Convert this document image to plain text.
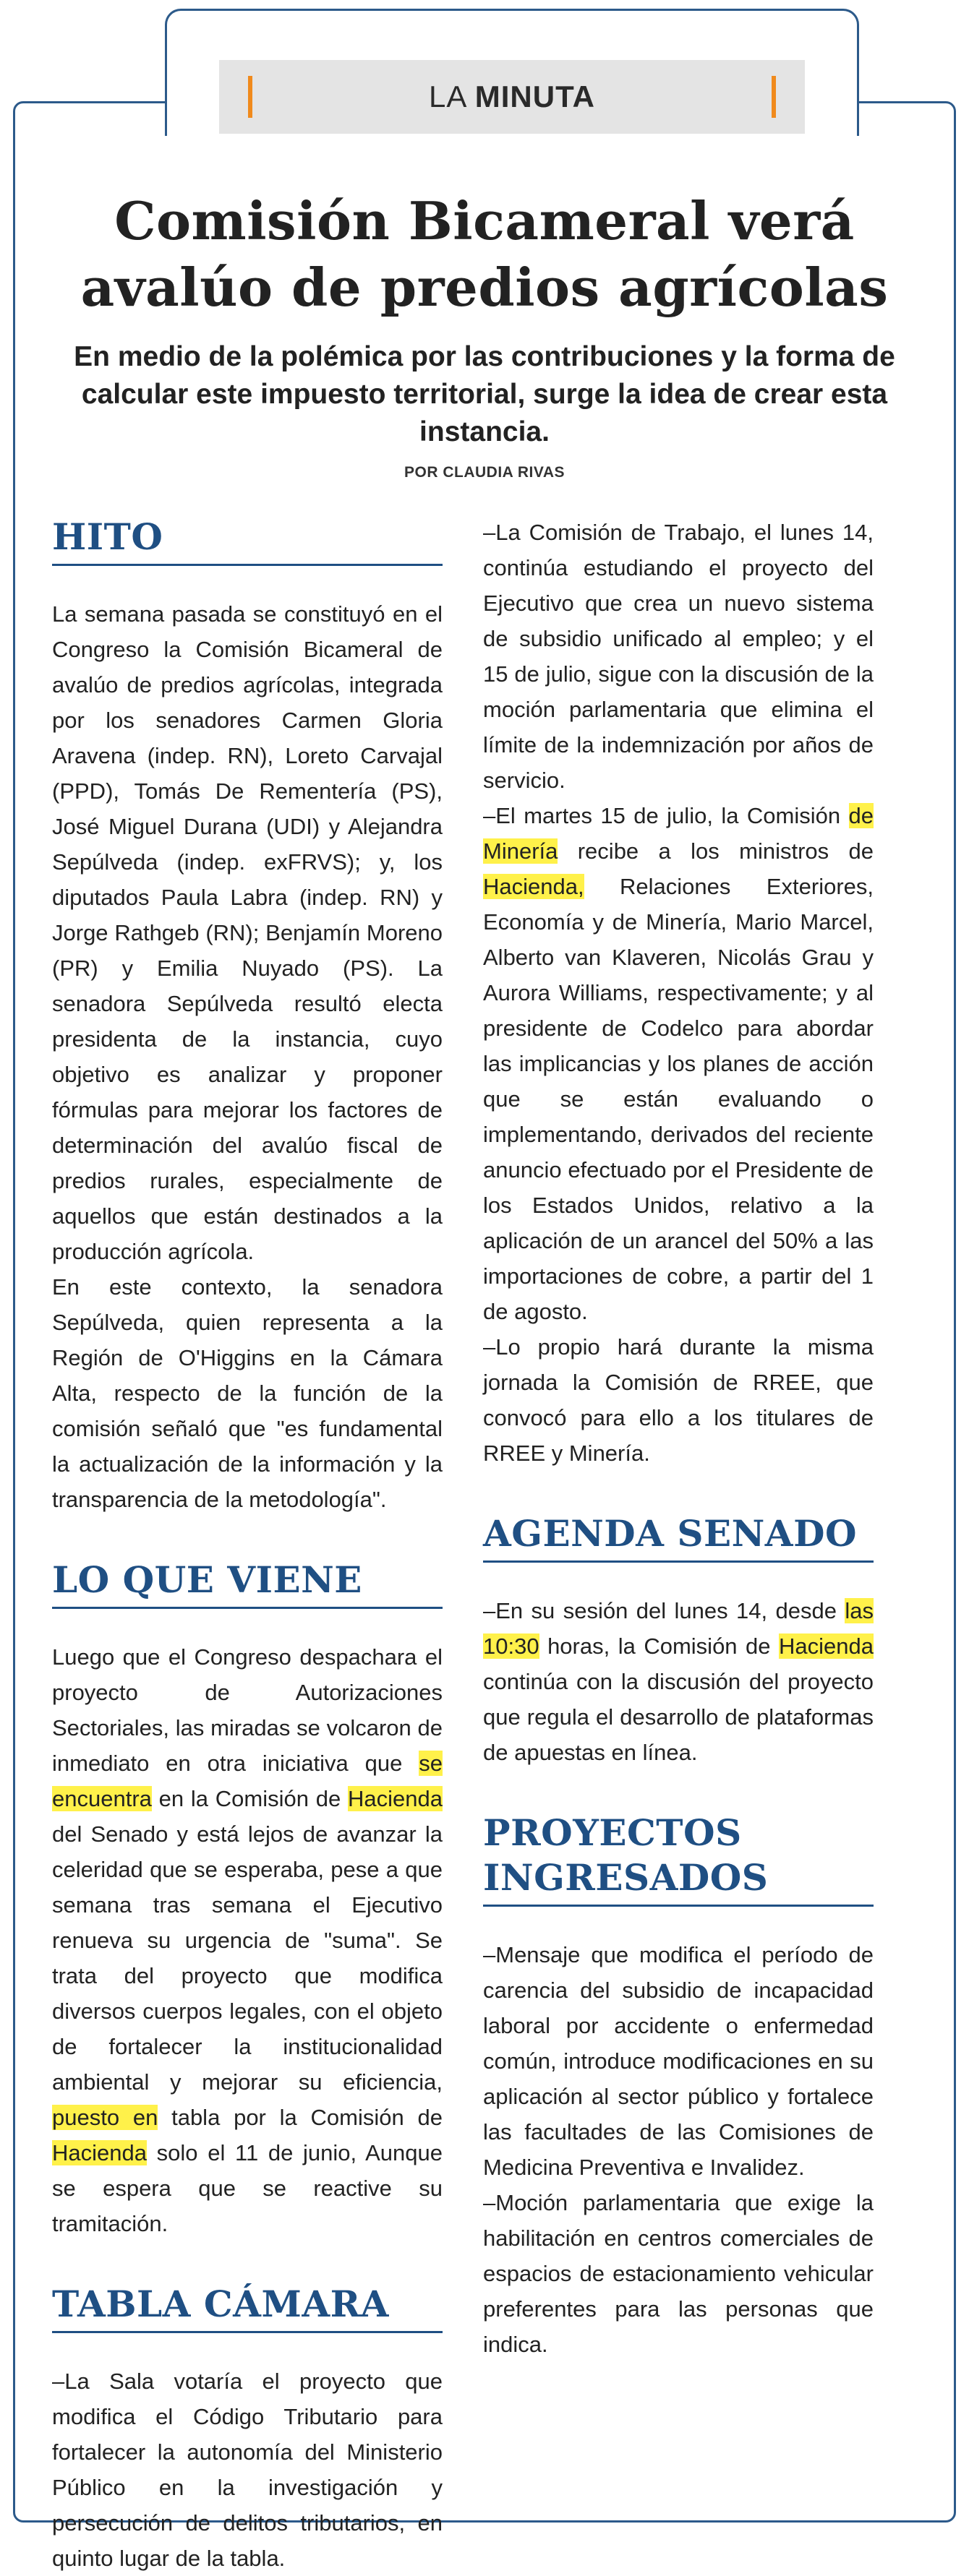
LA MINUTA
Comisión Bicameral verá
avalúo de predios agrícolas
En medio de la polémica por las contribuciones y la forma de calcular este impuesto territorial, surge la idea de crear esta instancia.
POR CLAUDIA RIVAS
HITO

La semana pasada se constituyó en el Congreso la Comisión Bicameral de avalúo de predios agrícolas, integrada por los senadores Carmen Gloria Aravena (indep. RN), Loreto Carvajal (PPD), Tomás De Rementería (PS), José Miguel Durana (UDI) y Alejandra Sepúlveda (indep. exFRVS); y, los diputados Paula Labra (indep. RN) y Jorge Rathgeb (RN); Benjamín Moreno (PR) y Emilia Nuyado (PS). La senadora Sepúlveda resultó electa presidenta de la instancia, cuyo objetivo es analizar y proponer fórmulas para mejorar los factores de determinación del avalúo fiscal de predios rurales, especialmente de aquellos que están destinados a la producción agrícola.

En este contexto, la senadora Sepúlveda, quien representa a la Región de O'Higgins en la Cámara Alta, respecto de la función de la comisión señaló que "es fundamental la actualización de la información y la transparencia de la metodología".

LO QUE VIENE

Luego que el Congreso despachara el proyecto de Autorizaciones Sectoriales, las miradas se volcaron de inmediato en otra iniciativa que se encuentra en la Comisión de Hacienda del Senado y está lejos de avanzar la celeridad que se esperaba, pese a que semana tras semana el Ejecutivo renueva su urgencia de "suma". Se trata del proyecto que modifica diversos cuerpos legales, con el objeto de fortalecer la institucionalidad ambiental y mejorar su eficiencia, puesto en tabla por la Comisión de Hacienda solo el 11 de junio, Aunque se espera que se reactive su tramitación.

TABLA CÁMARA

–La Sala votaría el proyecto que modifica el Código Tributario para fortalecer la autonomía del Ministerio Público en la investigación y persecución de delitos tributarios, en quinto lugar de la tabla.

–La Comisión de Trabajo, el lunes 14, continúa estudiando el proyecto del Ejecutivo que crea un nuevo sistema de subsidio unificado al empleo; y el 15 de julio, sigue con la discusión de la moción parlamentaria que elimina el límite de la indemnización por años de servicio.

–El martes 15 de julio, la Comisión de Minería recibe a los ministros de Hacienda, Relaciones Exteriores, Economía y de Minería, Mario Marcel, Alberto van Klaveren, Nicolás Grau y Aurora Williams, respectivamente; y al presidente de Codelco para abordar las implicancias y los planes de acción que se están evaluando o implementando, derivados del reciente anuncio efectuado por el Presidente de los Estados Unidos, relativo a la aplicación de un arancel del 50% a las importaciones de cobre, a partir del 1 de agosto.

–Lo propio hará durante la misma jornada la Comisión de RREE, que convocó para ello a los titulares de RREE y Minería.

AGENDA SENADO

–En su sesión del lunes 14, desde las 10:30 horas, la Comisión de Hacienda continúa con la discusión del proyecto que regula el desarrollo de plataformas de apuestas en línea.

PROYECTOS
INGRESADOS

–Mensaje que modifica el período de carencia del subsidio de incapacidad laboral por accidente o enfermedad común, introduce modificaciones en su aplicación al sector público y fortalece las facultades de las Comisiones de Medicina Preventiva e Invalidez.

–Moción parlamentaria que exige la habilitación en centros comerciales de espacios de estacionamiento vehicular preferentes para las personas que indica.
